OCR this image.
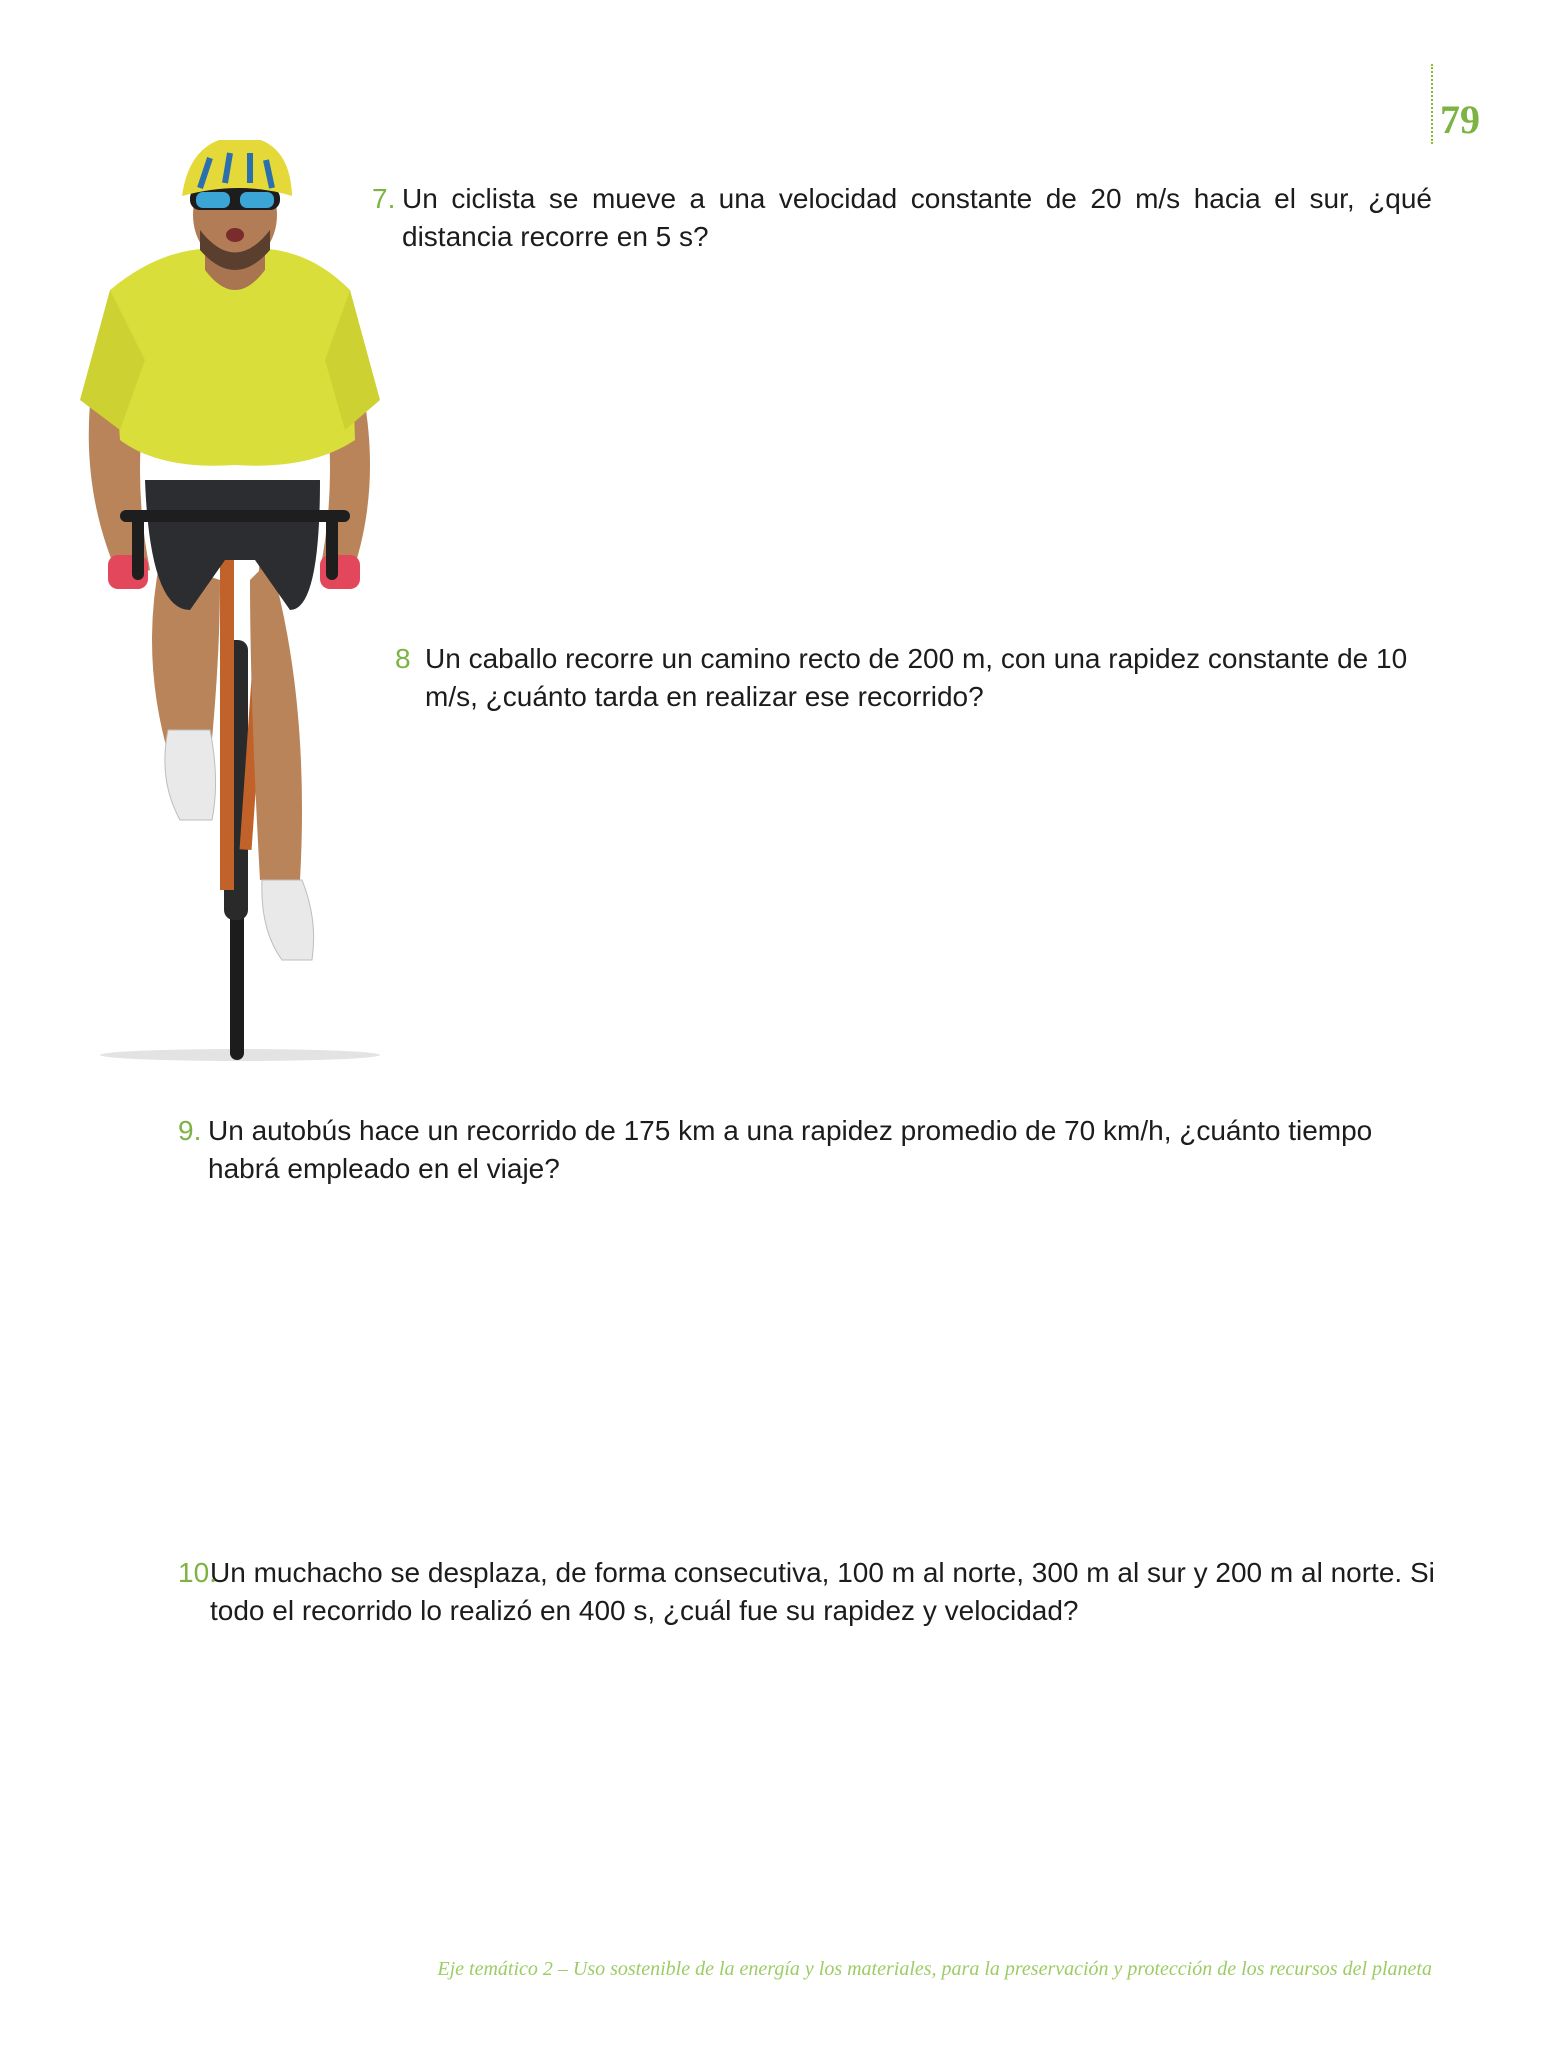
79
7. Un ciclista se mueve a una velocidad constante de 20 m/s hacia el sur, ¿qué distancia recorre en 5 s?
8 Un caballo recorre un camino recto de 200 m, con una rapidez constante de 10 m/s, ¿cuánto tarda en realizar ese recorrido?
9. Un autobús hace un recorrido de 175 km a una rapidez promedio de 70 km/h, ¿cuánto tiempo habrá empleado en el viaje?
10.
Un muchacho se desplaza, de forma consecutiva, 100 m al norte, 300 m al sur y 200 m al norte. Si todo el recorrido lo realizó en 400 s, ¿cuál fue su rapidez y velocidad?
Eje temático 2 – Uso sostenible de la energía y los materiales, para la preservación y protección de los recursos del planeta
